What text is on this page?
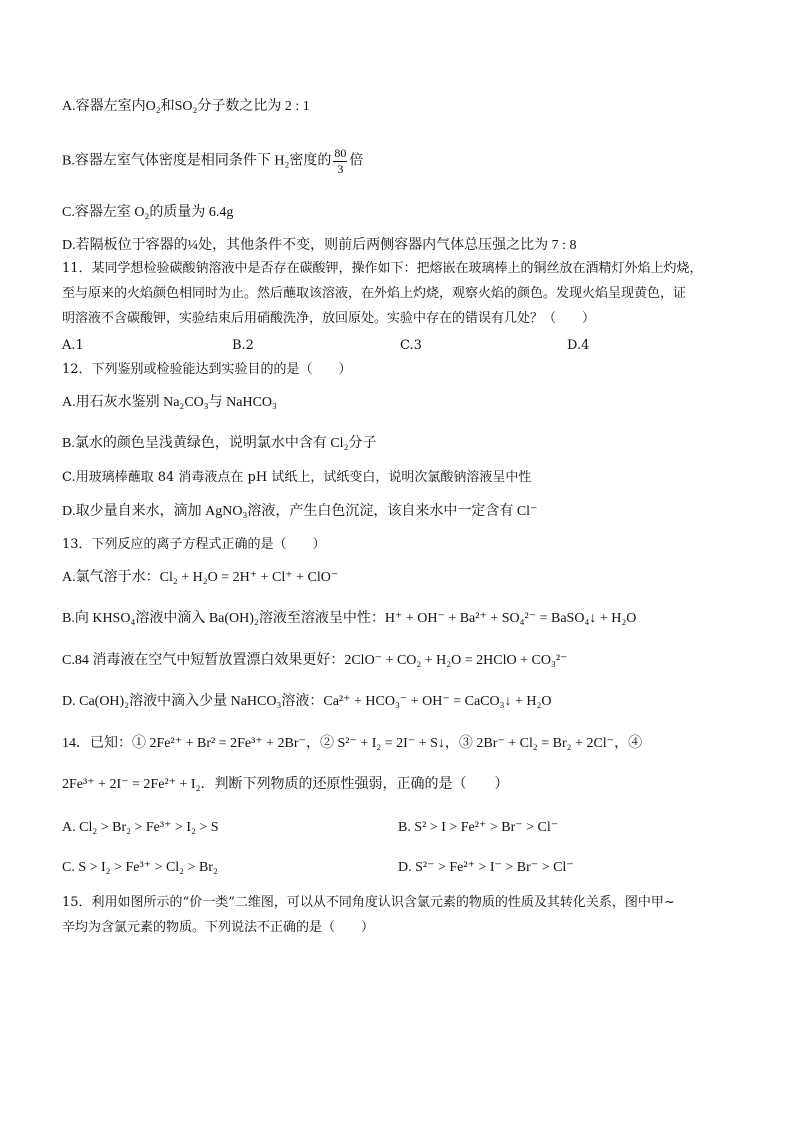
A.容器左室内O₂和SO₂分子数之比为 2 : 1
B.容器左室气体密度是相同条件下 H₂密度的 $\frac{80}{3}$ 倍
C.容器左室 O₂的质量为 6.4g
D.若隔板位于容器的¼处，其他条件不变，则前后两侧容器内气体总压强之比为 7 : 8
11．某同学想检验碳酸钠溶液中是否存在碳酸钾，操作如下：把熔嵌在玻璃棒上的铜丝放在酒精灯外焰上灼烧，
至与原来的火焰颜色相同时为止。然后蘸取该溶液，在外焰上灼烧，观察火焰的颜色。发现火焰呈现黄色，证
明溶液不含碳酸钾，实验结束后用硝酸洗净，放回原处。实验中存在的错误有几处？（　　）
A.1	B.2	C.3	D.4
12．下列鉴别或检验能达到实验目的的是（　　）
A.用石灰水鉴别 Na₂CO₃与 NaHCO₃
B.氯水的颜色呈浅黄绿色，说明氯水中含有 Cl₂分子
C.用玻璃棒蘸取 84 消毒液点在 pH 试纸上，试纸变白，说明次氯酸钠溶液呈中性
D.取少量自来水，滴加 AgNO₃溶液，产生白色沉淀，该自来水中一定含有 Cl⁻
13．下列反应的离子方程式正确的是（　　）
A.氯气溶于水：Cl₂ + H₂O = 2H⁺ + Cl⁺ + ClO⁻
B.向 KHSO₄溶液中滴入 Ba(OH)₂溶液至溶液呈中性：H⁺ + OH⁻ + Ba²⁺ + SO₄²⁻ = BaSO₄↓ + H₂O
C.84 消毒液在空气中短暂放置漂白效果更好：2ClO⁻ + CO₂ + H₂O = 2HClO + CO₃²⁻
D. Ca(OH)₂溶液中滴入少量 NaHCO₃溶液：Ca²⁺ + HCO₃⁻ + OH⁻ = CaCO₃↓ + H₂O
14．已知：① 2Fe²⁺ + Br² = 2Fe³⁺ + 2Br⁻，② S²⁻ + I₂ = 2I⁻ + S↓，③ 2Br⁻ + Cl₂ = Br₂ + 2Cl⁻，④
2Fe³⁺ + 2I⁻ = 2Fe²⁺ + I₂．判断下列物质的还原性强弱，正确的是（　　）
A. Cl₂ > Br₂ > Fe³⁺ > I₂ > S	B. S² > I > Fe²⁺ > Br⁻ > Cl⁻
C. S > I₂ > Fe³⁺ > Cl₂ > Br₂	D. S²⁻ > Fe²⁺ > I⁻ > Br⁻ > Cl⁻
15．利用如图所示的“价一类”二维图，可以从不同角度认识含氯元素的物质的性质及其转化关系，图中甲~
辛均为含氯元素的物质。下列说法不正确的是（　　）
